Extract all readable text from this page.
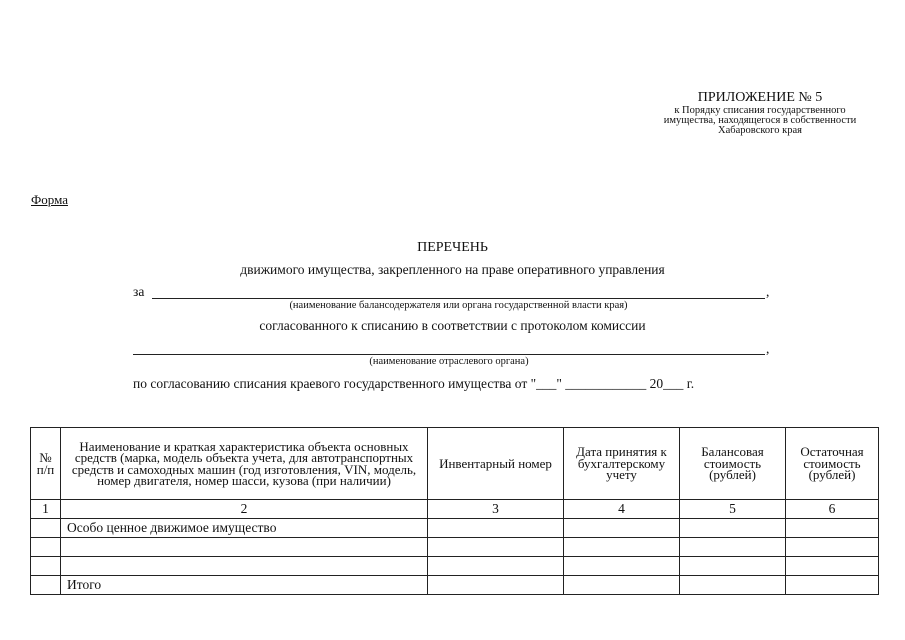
ПРИЛОЖЕНИЕ № 5
к Порядку списания государственного
имущества, находящегося в собственности
Хабаровского края
Форма
ПЕРЕЧЕНЬ
движимого имущества, закрепленного на праве оперативного управления
за	,
(наименование балансодержателя или органа государственной власти края)
согласованного к списанию в соответствии с протоколом комиссии
,
(наименование отраслевого органа)
по согласованию списания краевого государственного имущества от "___" ____________ 20___ г.
№ п/п	Наименование и краткая характеристика объекта основных средств (марка, модель объекта учета, для автотранспортных средств и самоходных машин (год изготовления, VIN, модель, номер двигателя, номер шасси, кузова (при наличии)	Инвентарный номер	Дата принятия к бухгалтерскому учету	Балансовая стоимость (рублей)	Остаточная стоимость (рублей)
1	2	3	4	5	6
	Особо ценное движимое имущество				

	Итого				
